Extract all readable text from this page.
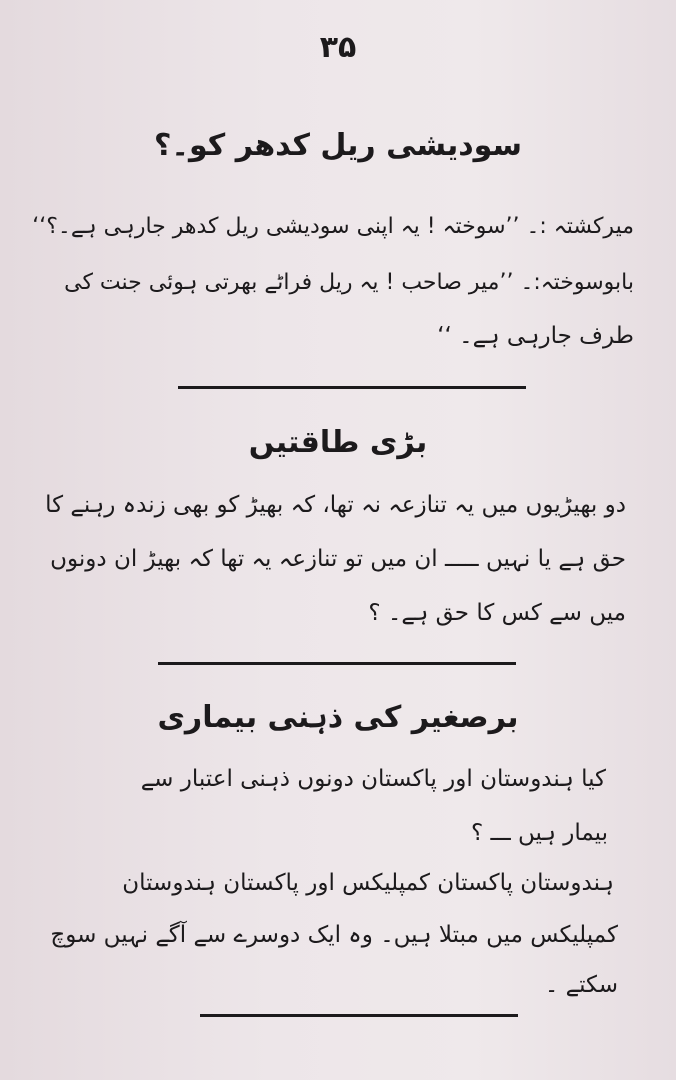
۳۵
سودیشی ریل کدھر کو۔؟
میرکشتہ :۔ ’’سوختہ ! یہ اپنی سودیشی ریل کدھر جارہی ہے۔؟‘‘
بابوسوختہ:۔ ’’میر صاحب ! یہ ریل فراٹے بھرتی ہوئی جنت کی
طرف جارہی ہے۔ ‘‘
بڑی طاقتیں
دو بھیڑیوں میں یہ تنازعہ نہ تھا، کہ بھیڑ کو بھی زندہ رہنے کا
حق ہے یا نہیں ـــــ ان میں تو تنازعہ یہ تھا کہ بھیڑ ان دونوں
میں سے کس کا حق ہے۔ ؟
برصغیر کی ذہنی بیماری
کیا ہندوستان اور پاکستان دونوں ذہنی اعتبار سے
بیمار ہیں ـــ ؟
ہندوستان پاکستان کمپلیکس اور پاکستان ہندوستان
کمپلیکس میں مبتلا ہیں۔ وہ ایک دوسرے سے آگے نہیں سوچ
سکتے ۔
